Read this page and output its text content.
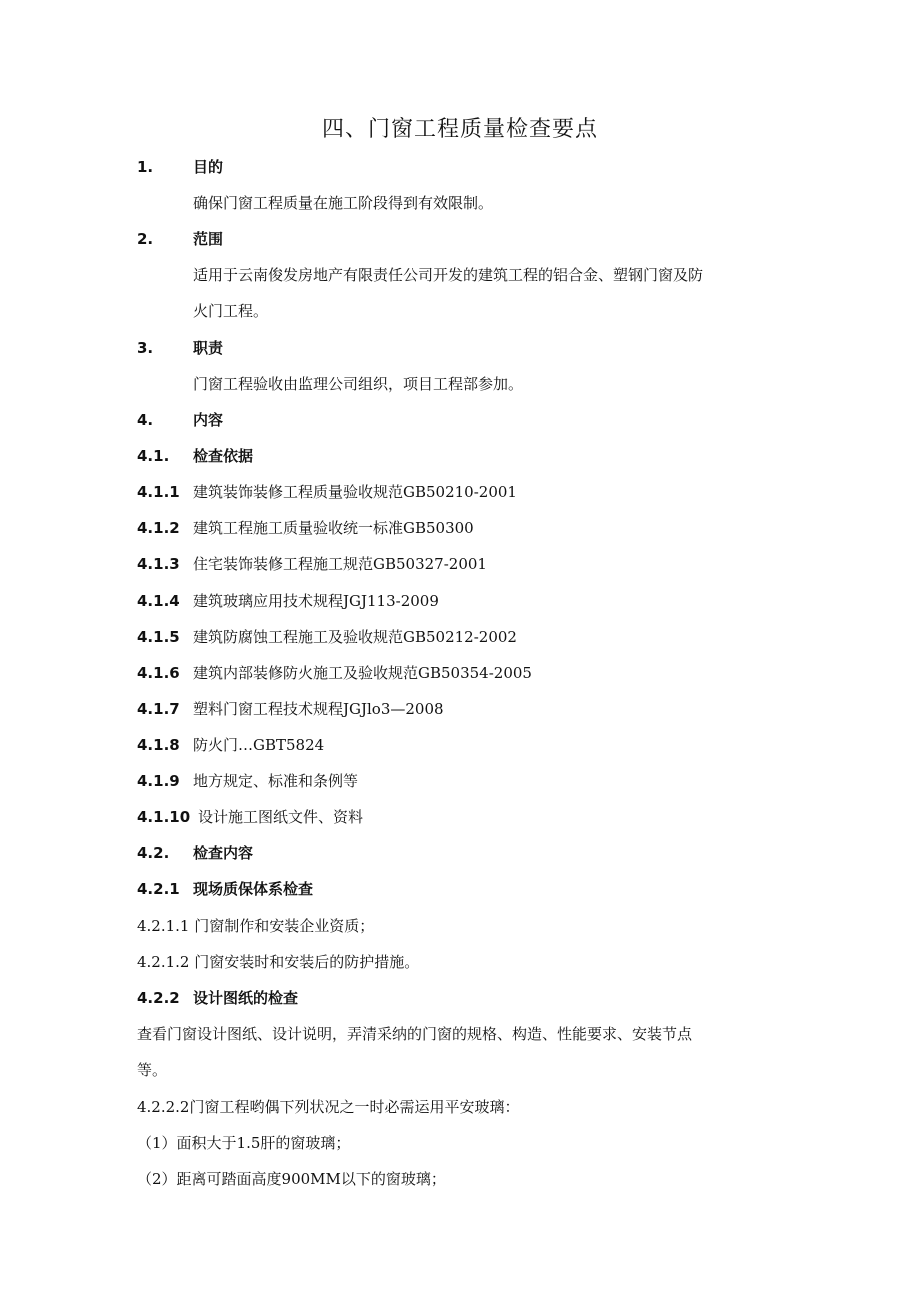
四、门窗工程质量检查要点
1.	目的
确保门窗工程质量在施工阶段得到有效限制。
2.	范围
适用于云南俊发房地产有限责任公司开发的建筑工程的铝合金、塑钢门窗及防
火门工程。
3.	职责
门窗工程验收由监理公司组织，项目工程部参加。
4.	内容
4.1. 检查依据
4.1.1 建筑装饰装修工程质量验收规范GB50210-2001
4.1.2 建筑工程施工质量验收统一标准GB50300
4.1.3 住宅装饰装修工程施工规范GB50327-2001
4.1.4 建筑玻璃应用技术规程JGJ113-2009
4.1.5 建筑防腐蚀工程施工及验收规范GB50212-2002
4.1.6 建筑内部装修防火施工及验收规范GB50354-2005
4.1.7 塑料门窗工程技术规程JGJlo3—2008
4.1.8 防火门…GBT5824
4.1.9 地方规定、标准和条例等
4.1.10 设计施工图纸文件、资料
4.2. 检查内容
4.2.1 现场质保体系检查
4.2.1.1 门窗制作和安装企业资质；
4.2.1.2 门窗安装时和安装后的防护措施。
4.2.2 设计图纸的检查
查看门窗设计图纸、设计说明，弄清采纳的门窗的规格、构造、性能要求、安装节点
等。
4.2.2.2门窗工程哟偶下列状况之一时必需运用平安玻璃：
（1）面积大于1.5肝的窗玻璃；
（2）距离可踏面高度900MM以下的窗玻璃；
